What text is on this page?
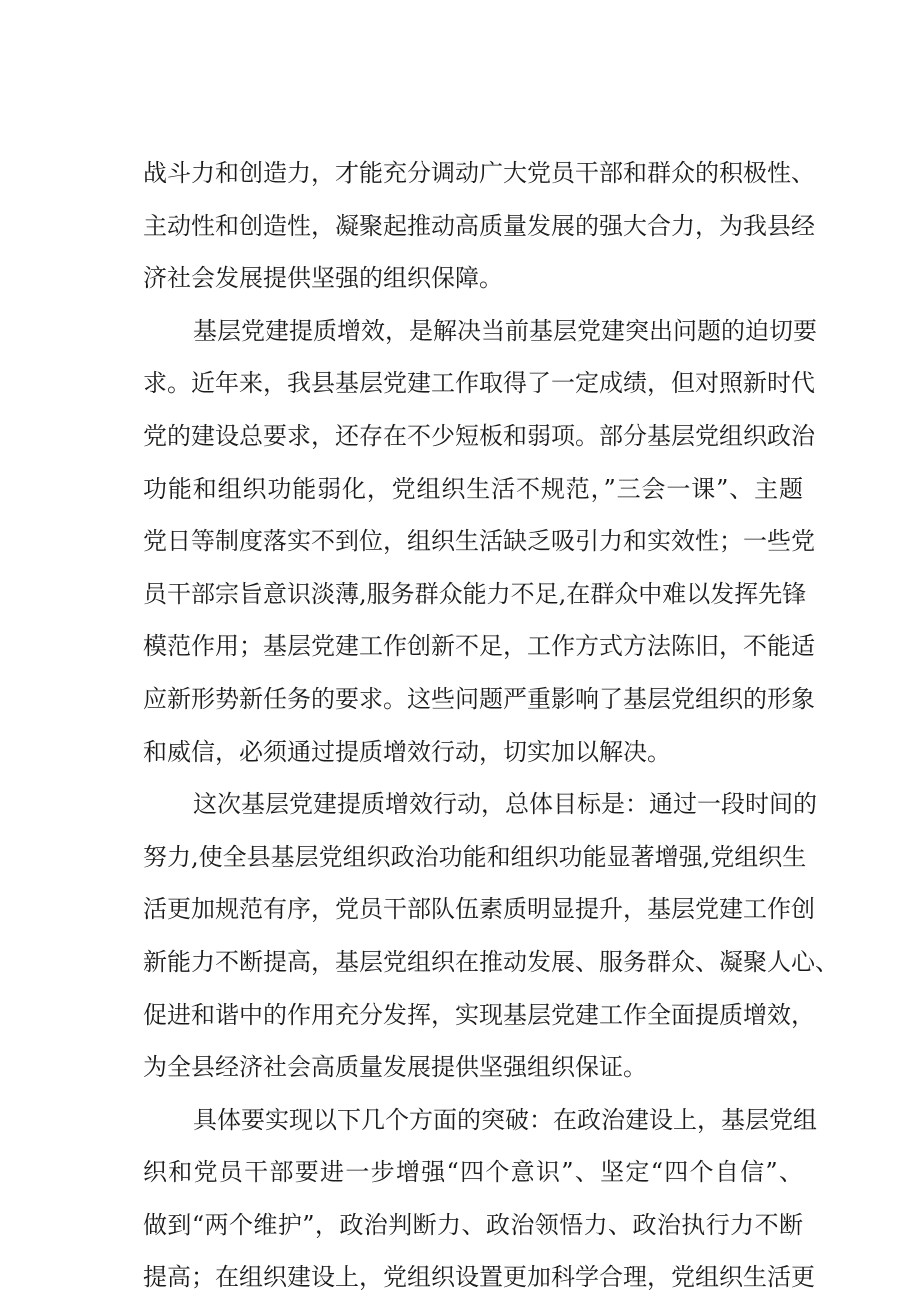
战斗力和创造力，才能充分调动广大党员干部和群众的积极性、
主动性和创造性，凝聚起推动高质量发展的强大合力，为我县经
济社会发展提供坚强的组织保障。
基层党建提质增效，是解决当前基层党建突出问题的迫切要
求。近年来，我县基层党建工作取得了一定成绩，但对照新时代
党的建设总要求，还存在不少短板和弱项。部分基层党组织政治
功能和组织功能弱化，党组织生活不规范，”三会一课”、主题
党日等制度落实不到位，组织生活缺乏吸引力和实效性；一些党
员干部宗旨意识淡薄,服务群众能力不足,在群众中难以发挥先锋
模范作用；基层党建工作创新不足，工作方式方法陈旧，不能适
应新形势新任务的要求。这些问题严重影响了基层党组织的形象
和威信，必须通过提质增效行动，切实加以解决。
这次基层党建提质增效行动，总体目标是：通过一段时间的
努力,使全县基层党组织政治功能和组织功能显著增强,党组织生
活更加规范有序，党员干部队伍素质明显提升，基层党建工作创
新能力不断提高，基层党组织在推动发展、服务群众、凝聚人心、
促进和谐中的作用充分发挥，实现基层党建工作全面提质增效，
为全县经济社会高质量发展提供坚强组织保证。
具体要实现以下几个方面的突破：在政治建设上，基层党组
织和党员干部要进一步增强“四个意识”、坚定“四个自信”、
做到“两个维护”，政治判断力、政治领悟力、政治执行力不断
提高；在组织建设上，党组织设置更加科学合理，党组织生活更
